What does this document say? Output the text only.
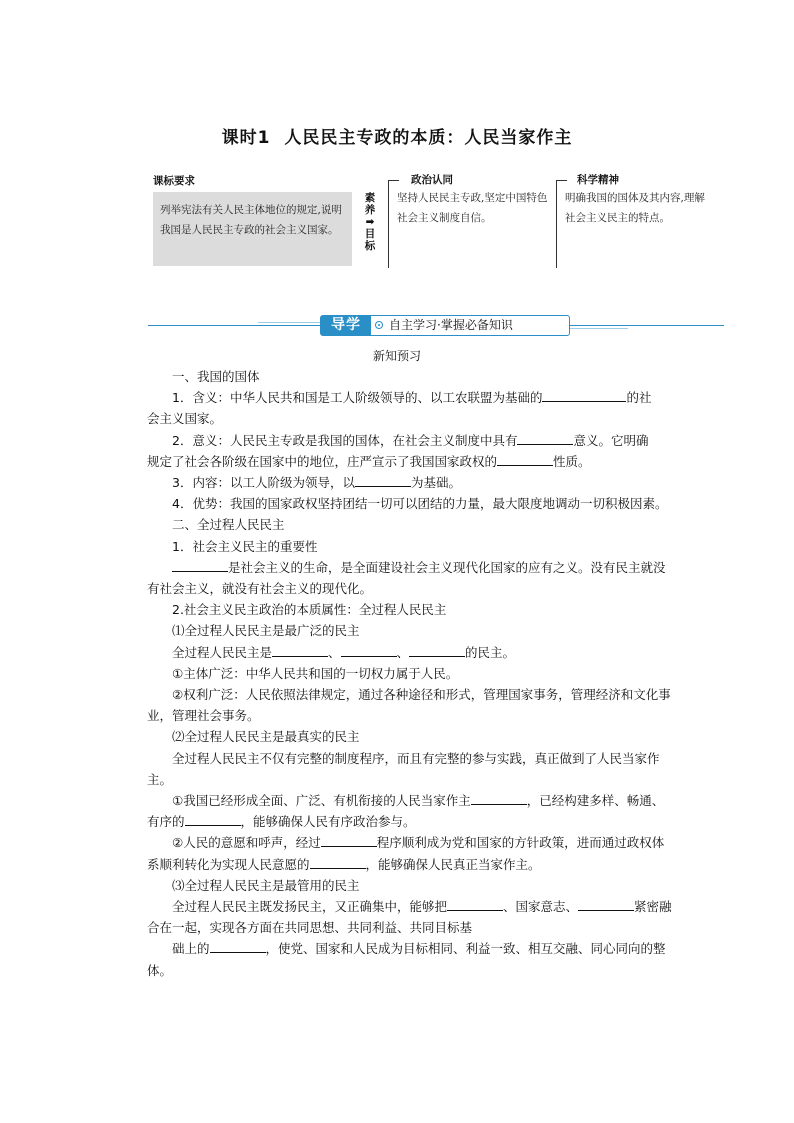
课时1 人民民主专政的本质：人民当家作主
课标要求

列举宪法有关人民主体地位的规定,说明我国是人民民主专政的社会主义国家。

素
养
➡
目
标
政治认同
坚持人民民主专政,坚定中国特色社会主义制度自信。
科学精神
明确我国的国体及其内容,理解社会主义民主的特点。
导学	自主学习·掌握必备知识
新知预习

一、我国的国体

1．含义：中华人民共和国是工人阶级领导的、以工农联盟为基础的	的社

会主义国家。

2．意义：人民民主专政是我国的国体，在社会主义制度中具有	意义。它明确

规定了社会各阶级在国家中的地位，庄严宣示了我国国家政权的	性质。

3．内容：以工人阶级为领导，以	为基础。

4．优势：我国的国家政权坚持团结一切可以团结的力量，最大限度地调动一切积极因素。

二、全过程人民民主

1．社会主义民主的重要性

是社会主义的生命，是全面建设社会主义现代化国家的应有之义。没有民主就没有社会主义，就没有社会主义的现代化。

2.社会主义民主政治的本质属性：全过程人民民主

⑴全过程人民民主是最广泛的民主

全过程人民民主是	、	、	的民主。

①主体广泛：中华人民共和国的一切权力属于人民。

②权利广泛：人民依照法律规定，通过各种途径和形式，管理国家事务，管理经济和文化事业，管理社会事务。

⑵全过程人民民主是最真实的民主

全过程人民民主不仅有完整的制度程序，而且有完整的参与实践，真正做到了人民当家作主。

①我国已经形成全面、广泛、有机衔接的人民当家作主	，已经构建多样、畅通、有序的	，能够确保人民有序政治参与。

②人民的意愿和呼声，经过	程序顺利成为党和国家的方针政策，进而通过政权体系顺利转化为实现人民意愿的	，能够确保人民真正当家作主。

⑶全过程人民民主是最管用的民主

全过程人民民主既发扬民主，又正确集中，能够把	、国家意志、	紧密融合在一起，实现各方面在共同思想、共同利益、共同目标基

础上的	，使党、国家和人民成为目标相同、利益一致、相互交融、同心同向的整体。
